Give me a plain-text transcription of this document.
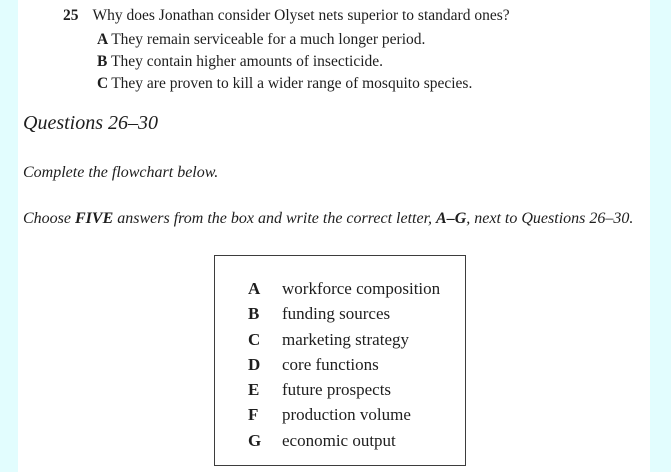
25 Why does Jonathan consider Olyset nets superior to standard ones?
A They remain serviceable for a much longer period.
B They contain higher amounts of insecticide.
C They are proven to kill a wider range of mosquito species.
Questions 26–30
Complete the flowchart below.
Choose FIVE answers from the box and write the correct letter, A–G, next to Questions 26–30.
A	workforce composition
B	funding sources
C	marketing strategy
D	core functions
E	future prospects
F	production volume
G	economic output
